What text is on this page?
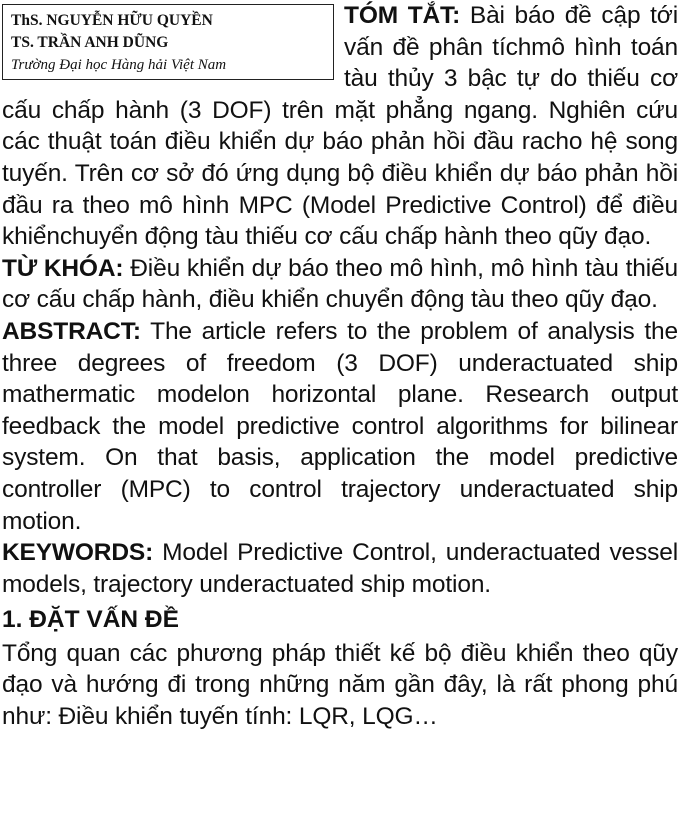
ThS. NGUYỄN HỮU QUYỀN
TS. TRẦN ANH DŨNG
Trường Đại học Hàng hải Việt Nam

TÓM TẮT: Bài báo đề cập tới vấn đề phân tíchmô hình toán tàu thủy 3 bậc tự do thiếu cơ cấu chấp hành (3 DOF) trên mặt phẳng ngang. Nghiên cứu các thuật toán điều khiển dự báo phản hồi đầu racho hệ song tuyến. Trên cơ sở đó ứng dụng bộ điều khiển dự báo phản hồi đầu ra theo mô hình MPC (Model Predictive Control) để điều khiểnchuyển động tàu thiếu cơ cấu chấp hành theo qũy đạo.

TỪ KHÓA: Điều khiển dự báo theo mô hình, mô hình tàu thiếu cơ cấu chấp hành, điều khiển chuyển động tàu theo qũy đạo.

ABSTRACT: The article refers to the problem of analysis the three degrees of freedom (3 DOF) underactuated ship mathermatic modelon horizontal plane. Research output feedback the model predictive control algorithms for bilinear system. On that basis, application the model predictive controller (MPC) to control trajectory underactuated ship motion.

KEYWORDS: Model Predictive Control, underactuated vessel models, trajectory underactuated ship motion.

1. ĐẶT VẤN ĐỀ

Tổng quan các phương pháp thiết kế bộ điều khiển theo qũy đạo và hướng đi trong những năm gần đây, là rất phong phú như: Điều khiển tuyến tính: LQR, LQG…
